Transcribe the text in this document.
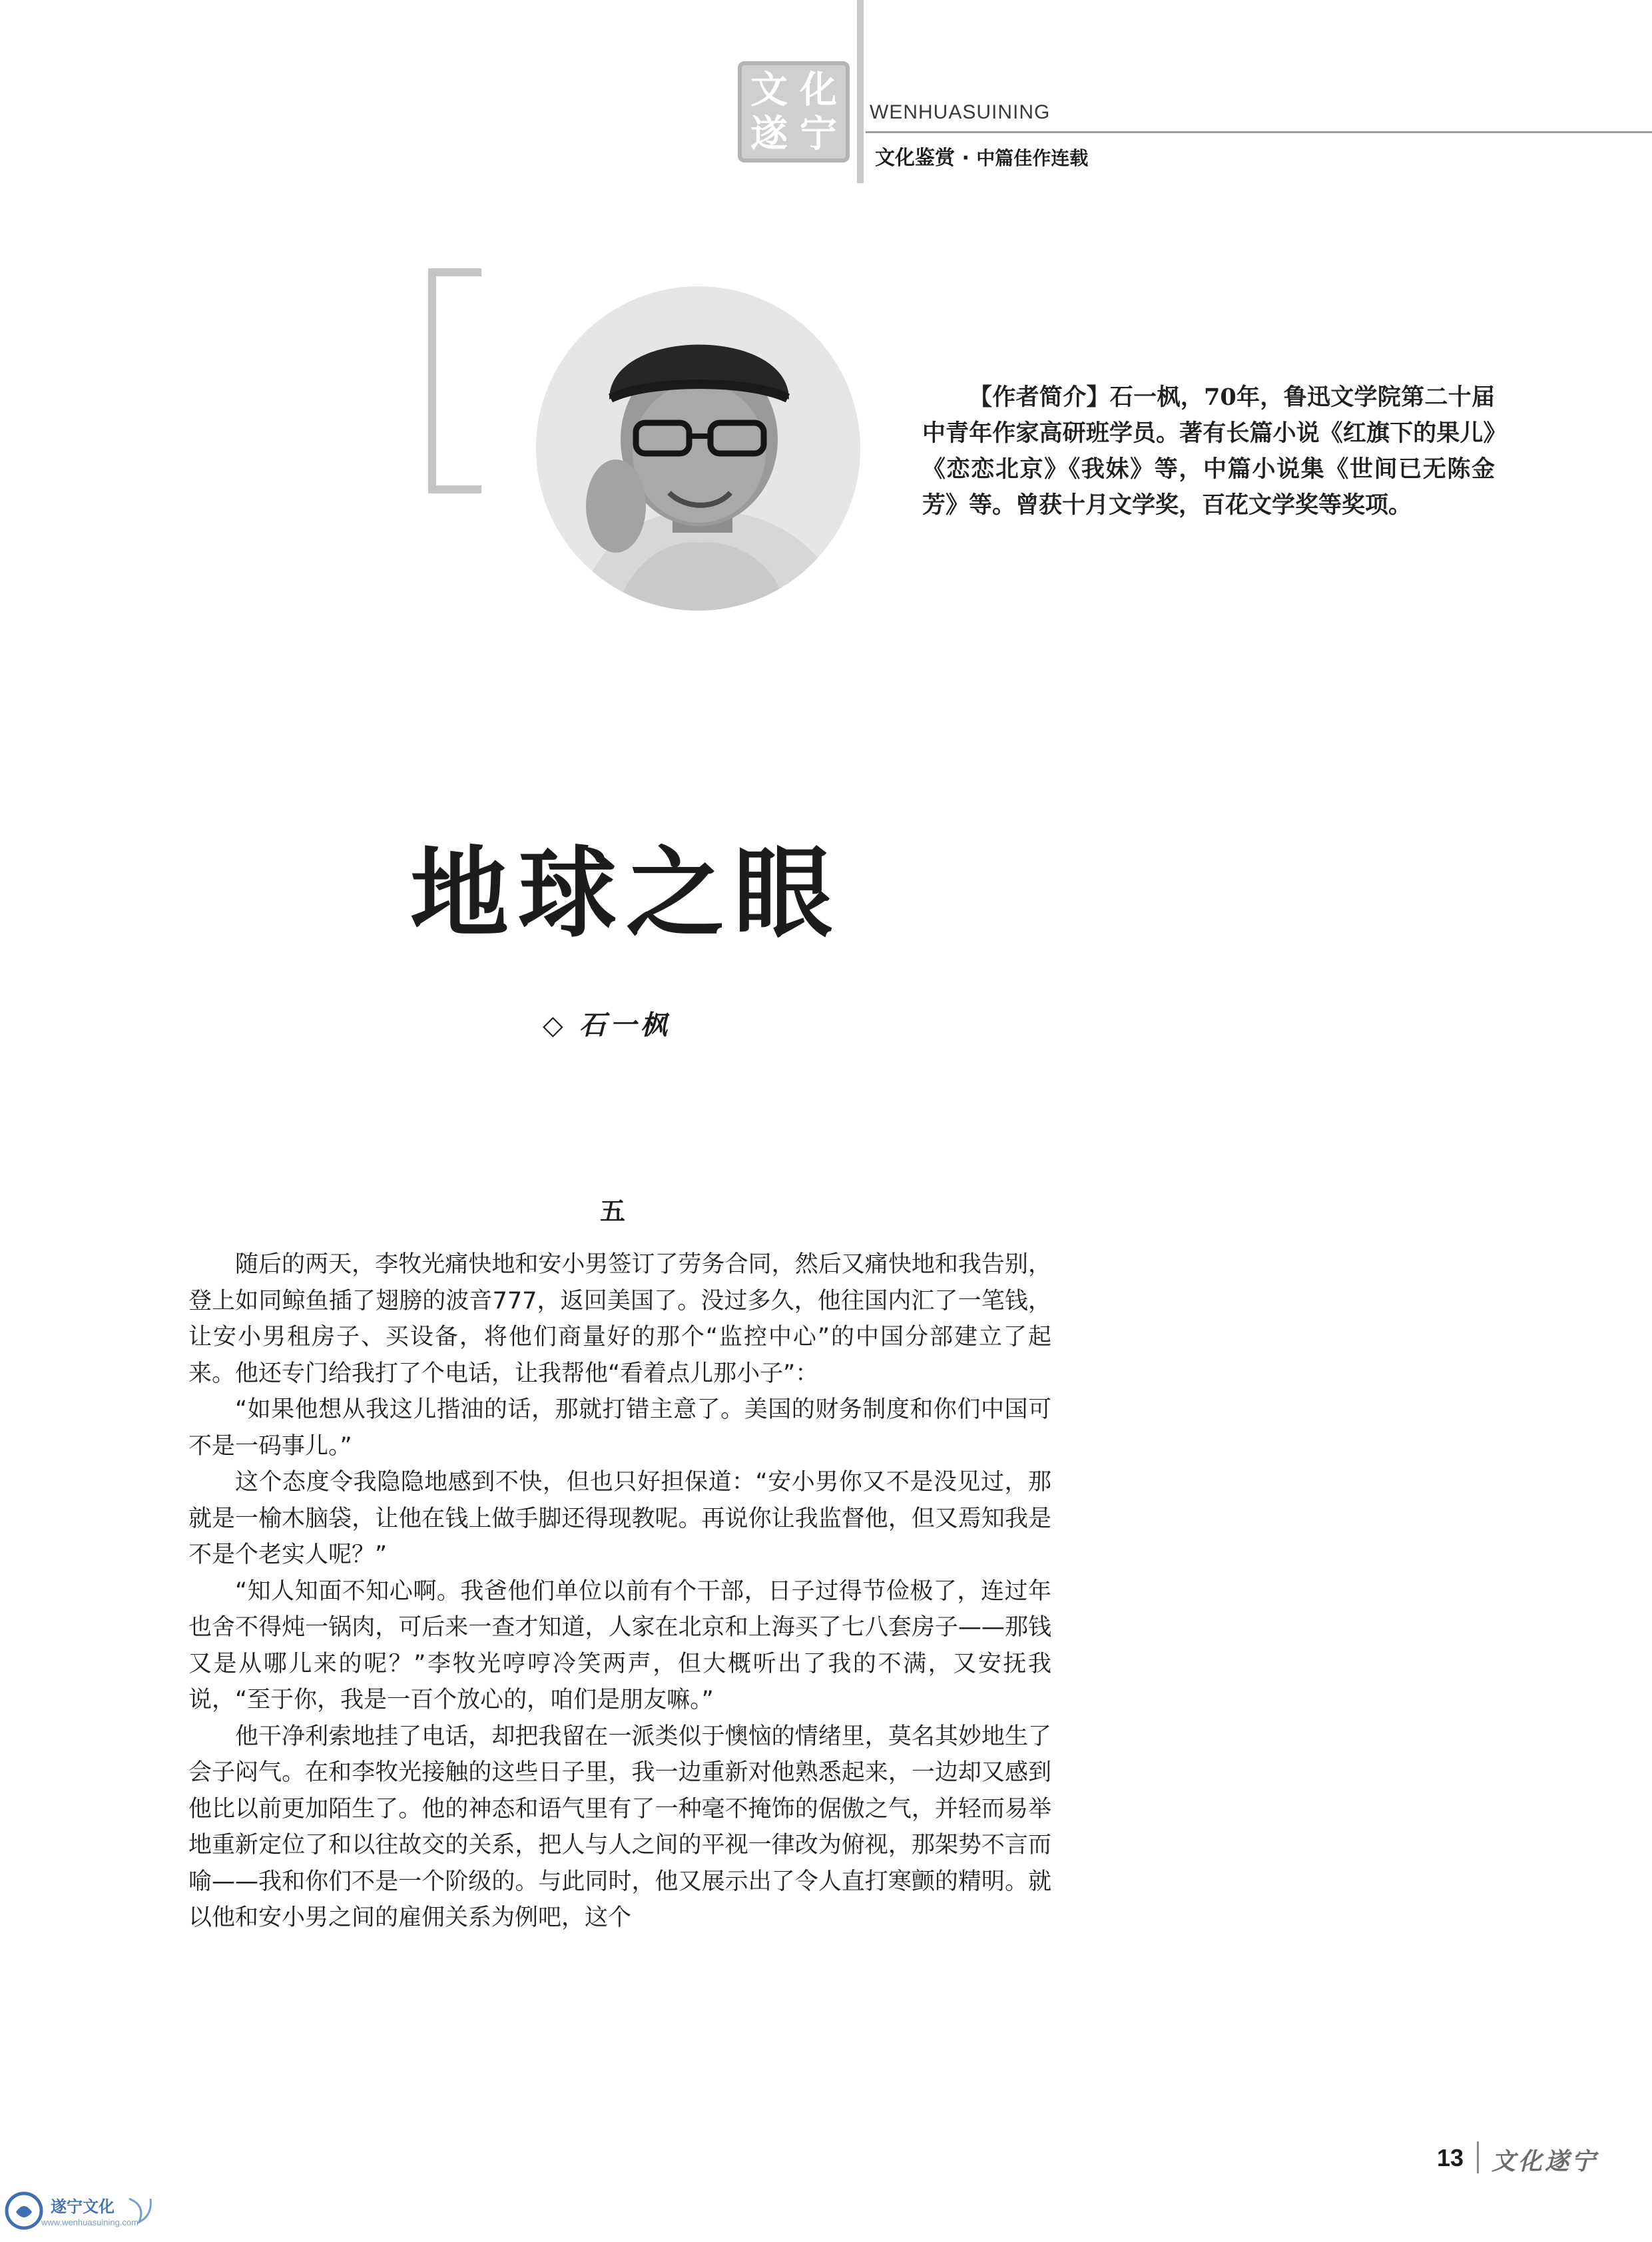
文 化
遂 宁 WENHUASUINING
文化鉴赏 · 中篇佳作连载
【作者简介】石一枫，70年，鲁迅文学院第二十届中青年作家高研班学员。著有长篇小说《红旗下的果儿》《恋恋北京》《我妹》等，中篇小说集《世间已无陈金芳》等。曾获十月文学奖，百花文学奖等奖项。
地球之眼
◇ 石一枫
五

随后的两天，李牧光痛快地和安小男签订了劳务合同，然后又痛快地和我告别，登上如同鲸鱼插了翅膀的波音777，返回美国了。没过多久，他往国内汇了一笔钱，让安小男租房子、买设备，将他们商量好的那个“监控中心”的中国分部建立了起来。他还专门给我打了个电话，让我帮他“看着点儿那小子”：

“如果他想从我这儿揩油的话，那就打错主意了。美国的财务制度和你们中国可不是一码事儿。”

这个态度令我隐隐地感到不快，但也只好担保道：“安小男你又不是没见过，那就是一榆木脑袋，让他在钱上做手脚还得现教呢。再说你让我监督他，但又焉知我是不是个老实人呢？”

“知人知面不知心啊。我爸他们单位以前有个干部，日子过得节俭极了，连过年也舍不得炖一锅肉，可后来一查才知道，人家在北京和上海买了七八套房子——那钱又是从哪儿来的呢？”李牧光哼哼冷笑两声，但大概听出了我的不满，又安抚我说，“至于你，我是一百个放心的，咱们是朋友嘛。”

他干净利索地挂了电话，却把我留在一派类似于懊恼的情绪里，莫名其妙地生了会子闷气。在和李牧光接触的这些日子里，我一边重新对他熟悉起来，一边却又感到他比以前更加陌生了。他的神态和语气里有了一种毫不掩饰的倨傲之气，并轻而易举地重新定位了和以往故交的关系，把人与人之间的平视一律改为俯视，那架势不言而喻——我和你们不是一个阶级的。与此同时，他又展示出了令人直打寒颤的精明。就以他和安小男之间的雇佣关系为例吧，这个

13 文化遂宁
遂宁文化
www.wenhuasuining.com
